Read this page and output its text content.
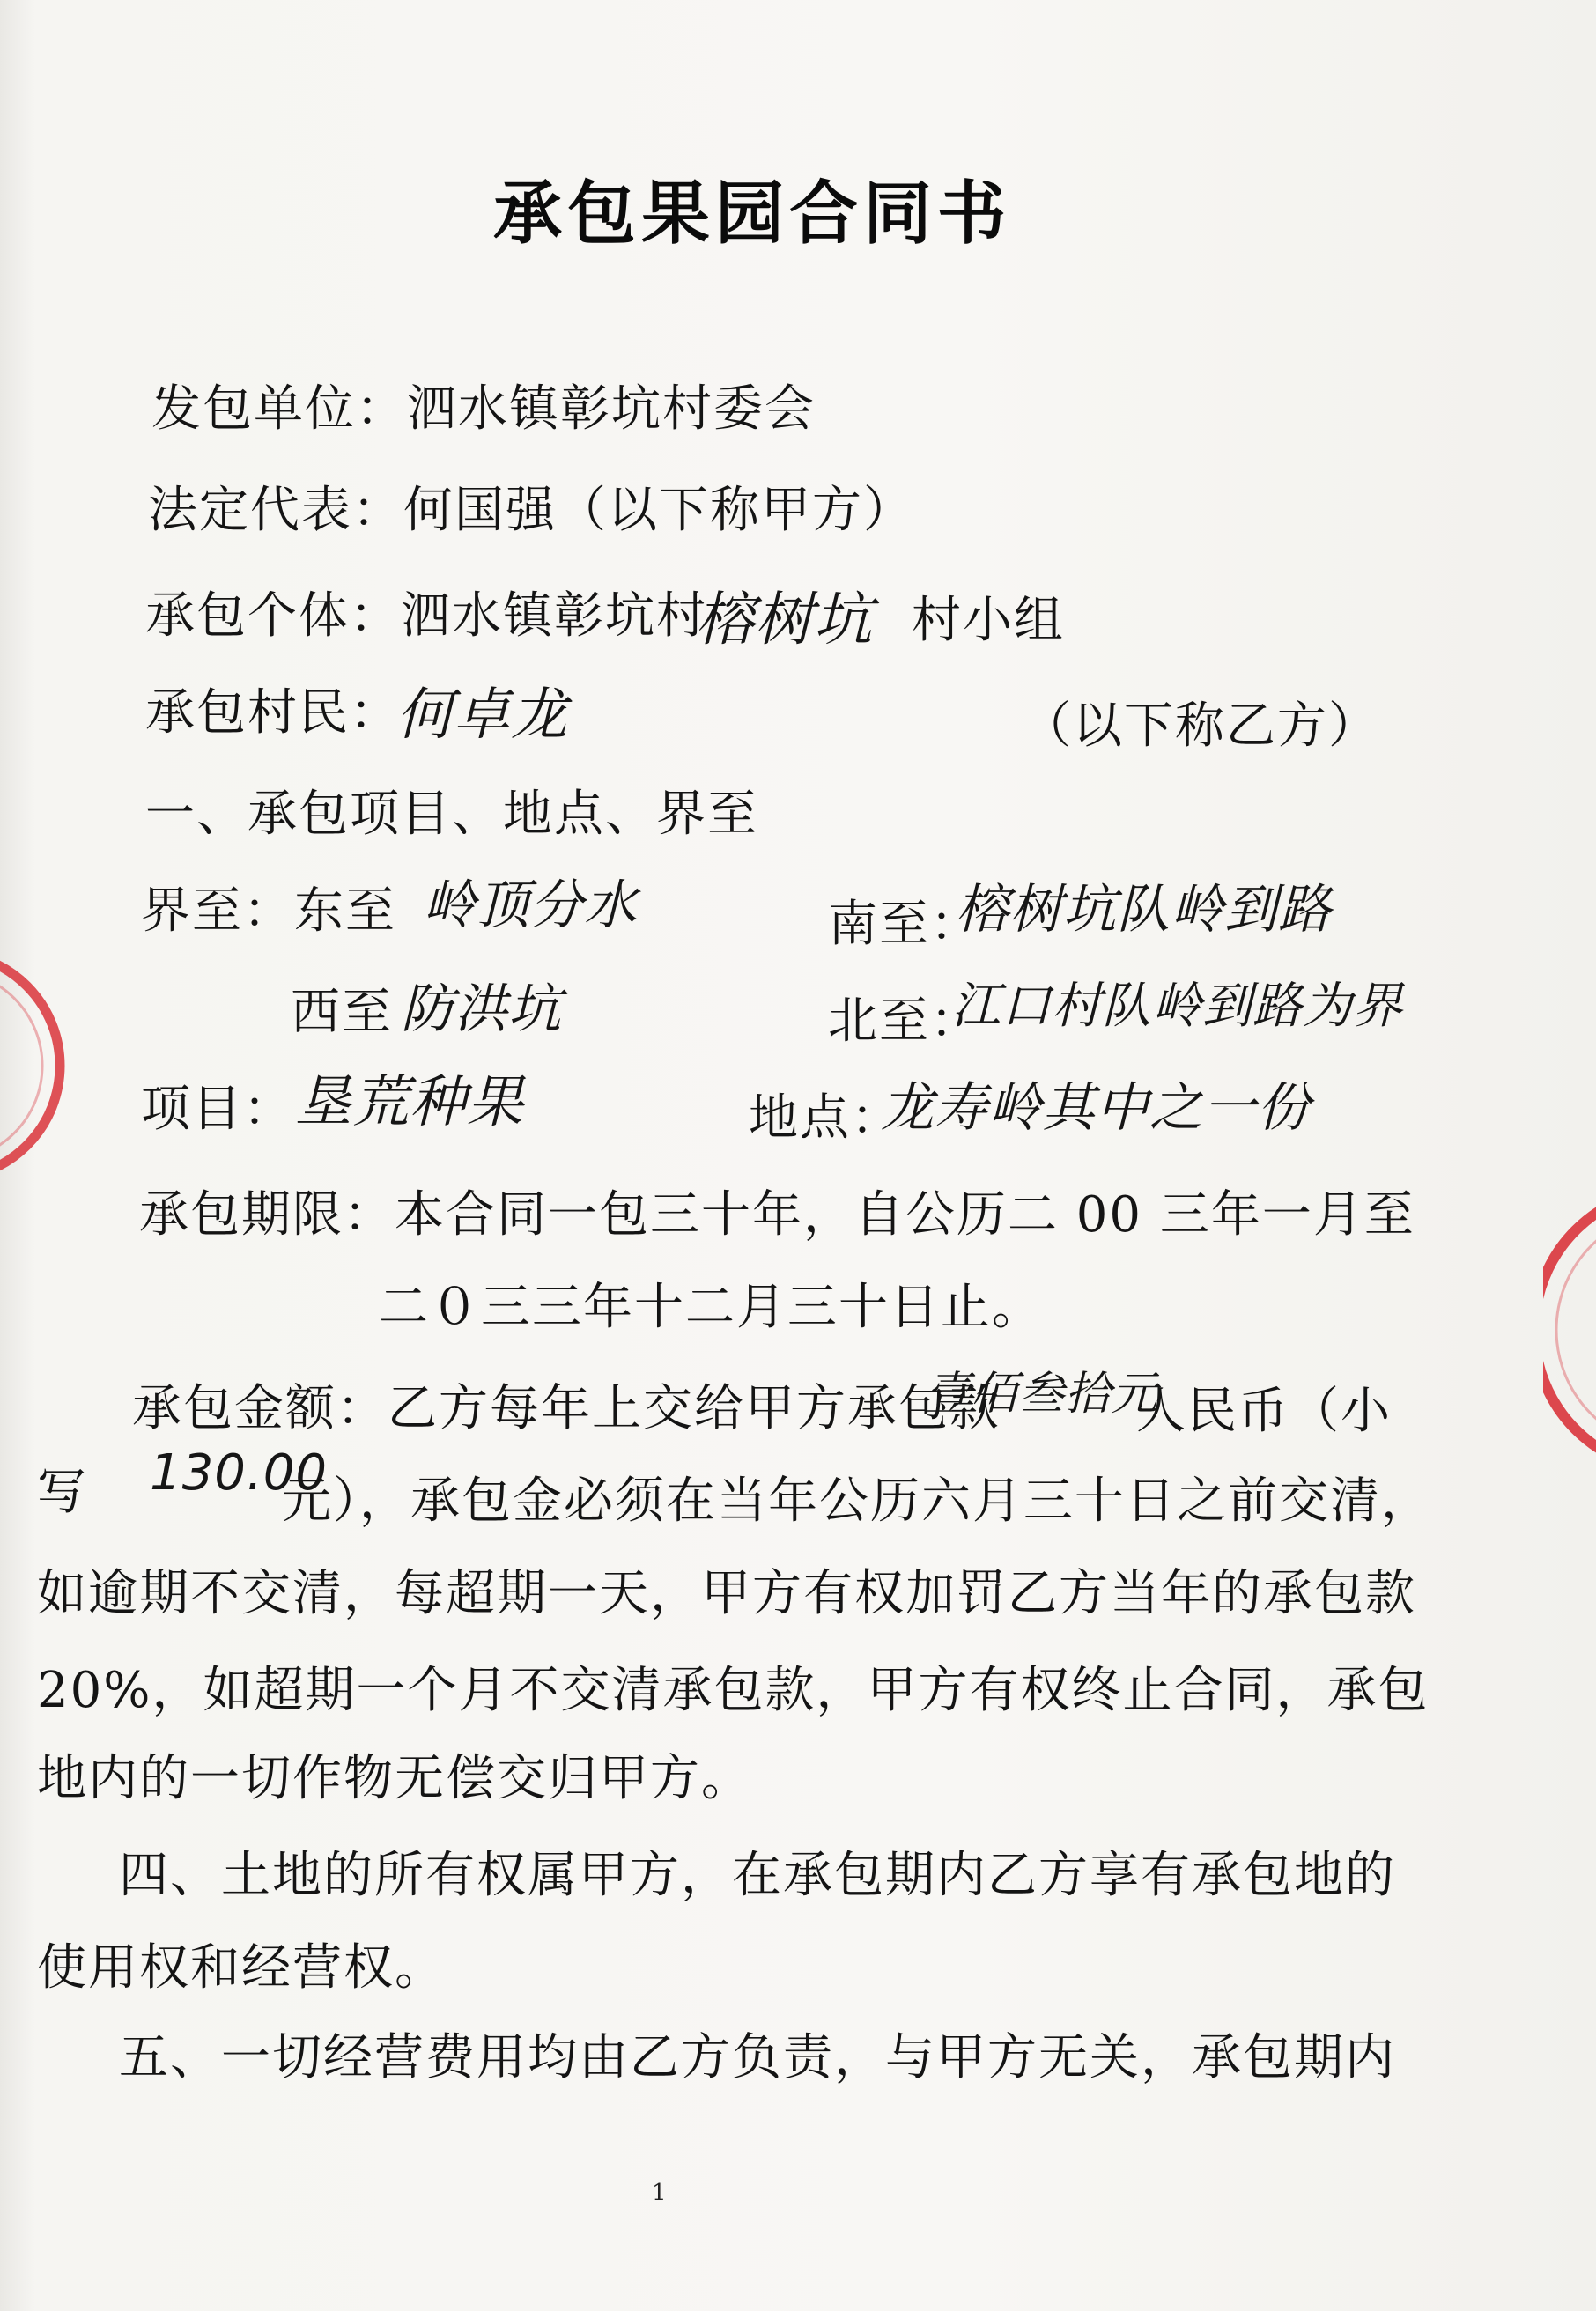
承包果园合同书
发包单位：泗水镇彰坑村委会
法定代表：何国强（以下称甲方）
承包个体：泗水镇彰坑村
榕树坑 村小组
承包村民：
何卓龙	（以下称乙方）
一、承包项目、地点、界至
界至：东至 岭顶分水	南至：
榕树坑队岭到路
西至 防洪坑	北至：
江口村队岭到路为界
项目： 垦荒种果	地点：
龙寿岭其中之一份
承包期限：本合同一包三十年，自公历二 00 三年一月至
二０三三年十二月三十日止。
承包金额：乙方每年上交给甲方承包款
壹佰叁拾元
人民币（小
写 130.00
元），承包金必须在当年公历六月三十日之前交清，
如逾期不交清，每超期一天，甲方有权加罚乙方当年的承包款
20%，如超期一个月不交清承包款，甲方有权终止合同，承包
地内的一切作物无偿交归甲方。
四、土地的所有权属甲方，在承包期内乙方享有承包地的
使用权和经营权。
五、一切经营费用均由乙方负责，与甲方无关，承包期内
1
